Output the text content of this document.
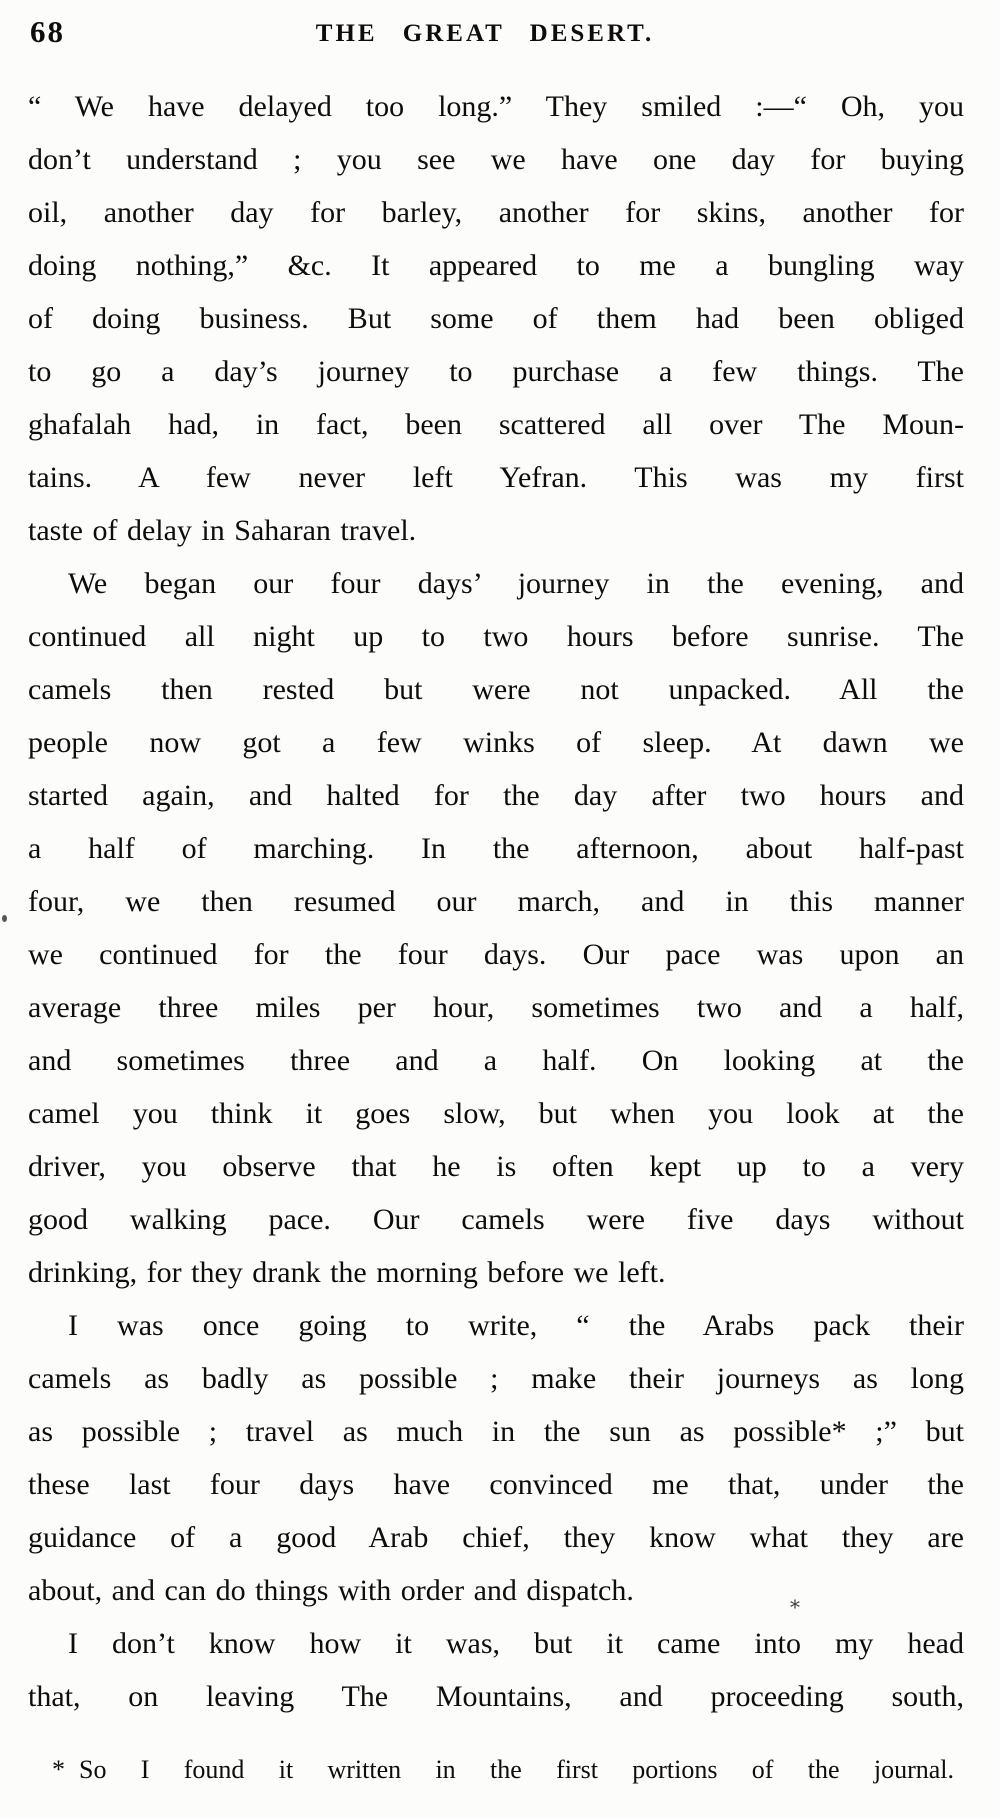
68	THE GREAT DESERT.
“ We have delayed too long.” They smiled :—“ Oh, you
don’t understand ; you see we have one day for buying
oil, another day for barley, another for skins, another for
doing nothing,” &c. It appeared to me a bungling way
of doing business. But some of them had been obliged
to go a day’s journey to purchase a few things. The
ghafalah had, in fact, been scattered all over The Moun-
tains. A few never left Yefran. This was my first
taste of delay in Saharan travel.
We began our four days’ journey in the evening, and
continued all night up to two hours before sunrise. The
camels then rested but were not unpacked. All the
people now got a few winks of sleep. At dawn we
started again, and halted for the day after two hours and
a half of marching. In the afternoon, about half-past
four, we then resumed our march, and in this manner
we continued for the four days. Our pace was upon an
average three miles per hour, sometimes two and a half,
and sometimes three and a half. On looking at the
camel you think it goes slow, but when you look at the
driver, you observe that he is often kept up to a very
good walking pace. Our camels were five days without
drinking, for they drank the morning before we left.
I was once going to write, “ the Arabs pack their
camels as badly as possible ; make their journeys as long
as possible ; travel as much in the sun as possible* ;” but
these last four days have convinced me that, under the
guidance of a good Arab chief, they know what they are
about, and can do things with order and dispatch.
I don’t know how it was, but it came into my head
that, on leaving The Mountains, and proceeding south,
* So I found it written in the first portions of the journal.
⁎
